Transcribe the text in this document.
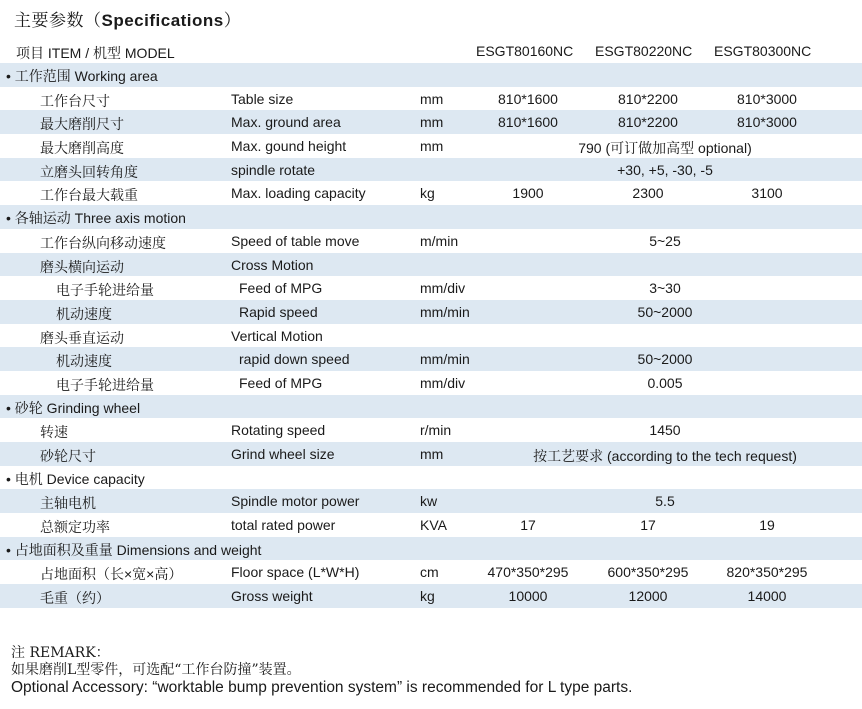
主要参数（Specifications）
项目 ITEM / 机型 MODEL	ESGT80160NC ESGT80220NC ESGT80300NC
• 工作范围 Working area
工作台尺寸	Table size	mm	810*1600	810*2200	810*3000
最大磨削尺寸	Max. ground area	mm	810*1600	810*2200	810*3000
最大磨削高度	Max. gound height	mm	790 (可订做加高型 optional)
立磨头回转角度	spindle rotate	+30, +5, -30, -5
工作台最大载重	Max. loading capacity	kg	1900	2300	3100
• 各轴运动 Three axis motion
工作台纵向移动速度	Speed of table move	m/min	5~25
磨头横向运动	Cross Motion
电子手轮进给量	Feed of MPG	mm/div	3~30
机动速度	Rapid speed	mm/min	50~2000
磨头垂直运动	Vertical Motion
机动速度	rapid down speed	mm/min	50~2000
电子手轮进给量	Feed of MPG	mm/div	0.005
• 砂轮 Grinding wheel
转速	Rotating speed	r/min	1450
砂轮尺寸	Grind wheel size	mm	按工艺要求 (according to the tech request)
• 电机 Device capacity
主轴电机	Spindle motor power	kw	5.5
总额定功率	total rated power	KVA	17	17	19
• 占地面积及重量 Dimensions and weight
占地面积（长×宽×高）	Floor space (L*W*H)	cm	470*350*295	600*350*295	820*350*295
毛重（约）	Gross weight	kg	10000	12000	14000
注 REMARK：
如果磨削L型零件，可选配“工作台防撞”装置。
Optional Accessory: “worktable bump prevention system” is recommended for L type parts.
